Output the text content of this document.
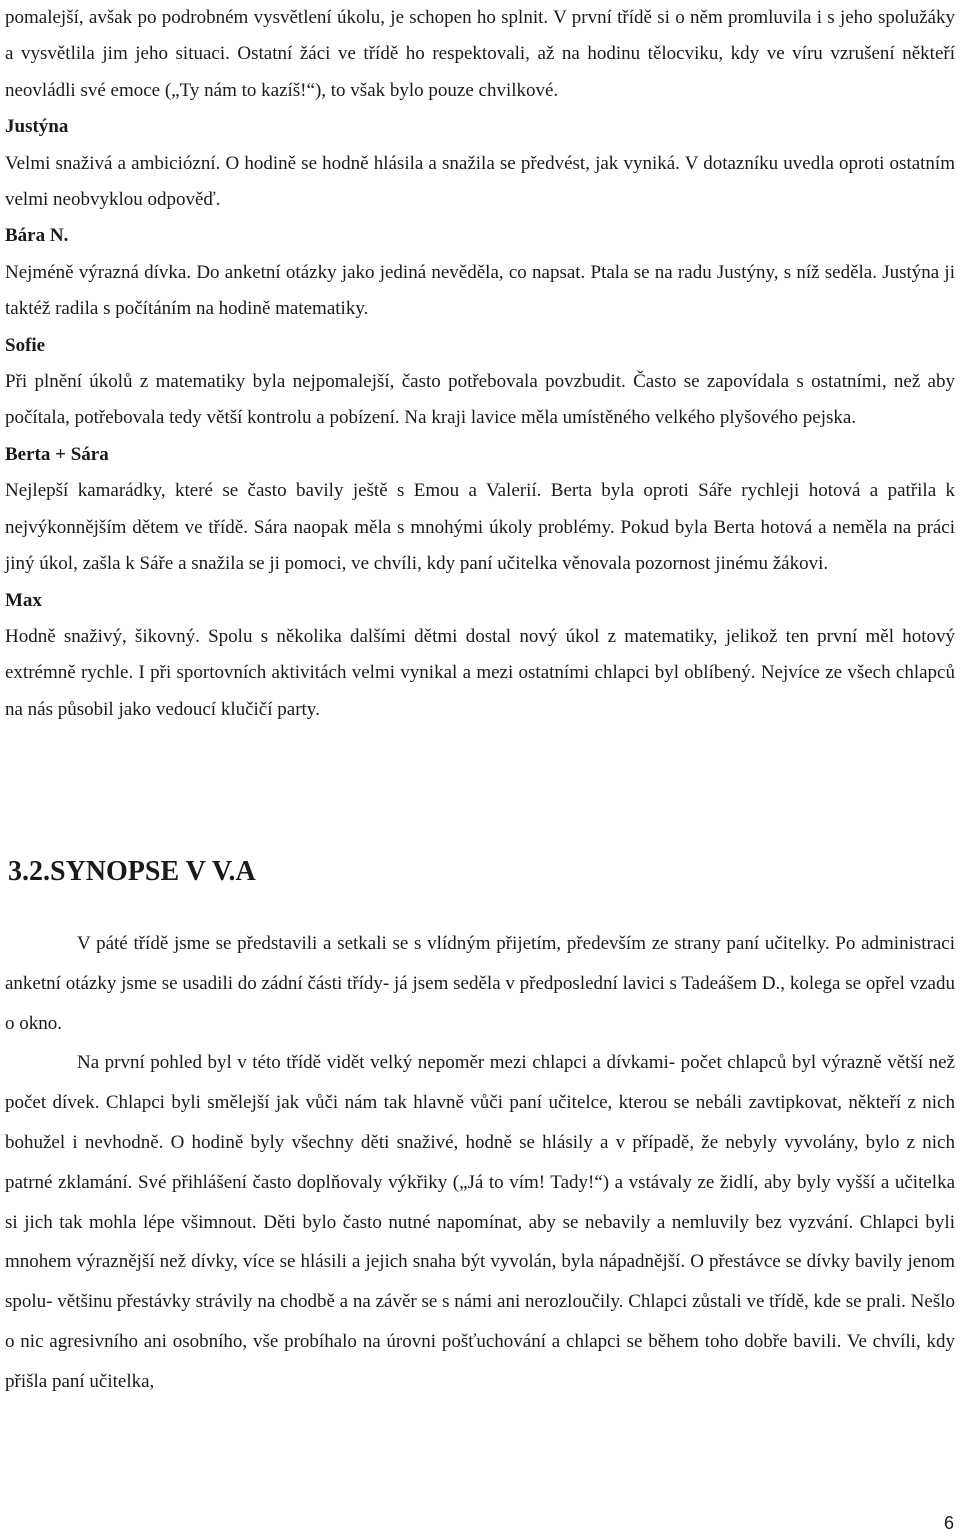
pomalejší, avšak po podrobném vysvětlení úkolu, je schopen ho splnit. V první třídě si o něm promluvila i s jeho spolužáky a vysvětlila jim jeho situaci. Ostatní žáci ve třídě ho respektovali, až na hodinu tělocviku, kdy ve víru vzrušení někteří neovládli své emoce („Ty nám to kazíš!“), to však bylo pouze chvilkové.

Justýna

Velmi snaživá a ambiciózní. O hodině se hodně hlásila a snažila se předvést, jak vyniká. V dotazníku uvedla oproti ostatním velmi neobvyklou odpověď.

Bára N.

Nejméně výrazná dívka. Do anketní otázky jako jediná nevěděla, co napsat. Ptala se na radu Justýny, s níž seděla. Justýna ji taktéž radila s počítáním na hodině matematiky.

Sofie

Při plnění úkolů z matematiky byla nejpomalejší, často potřebovala povzbudit. Často se zapovídala s ostatními, než aby počítala, potřebovala tedy větší kontrolu a pobízení. Na kraji lavice měla umístěného velkého plyšového pejska.

Berta + Sára

Nejlepší kamarádky, které se často bavily ještě s Emou a Valerií. Berta byla oproti Sáře rychleji hotová a patřila k nejvýkonnějším dětem ve třídě. Sára naopak měla s mnohými úkoly problémy. Pokud byla Berta hotová a neměla na práci jiný úkol, zašla k Sáře a snažila se ji pomoci, ve chvíli, kdy paní učitelka věnovala pozornost jinému žákovi.

Max

Hodně snaživý, šikovný. Spolu s několika dalšími dětmi dostal nový úkol z matematiky, jelikož ten první měl hotový extrémně rychle. I při sportovních aktivitách velmi vynikal a mezi ostatními chlapci byl oblíbený. Nejvíce ze všech chlapců na nás působil jako vedoucí klučičí party.

3.2.SYNOPSE V V.A

V páté třídě jsme se představili a setkali se s vlídným přijetím, především ze strany paní učitelky. Po administraci anketní otázky jsme se usadili do zádní části třídy- já jsem seděla v předposlední lavici s Tadeášem D., kolega se opřel vzadu o okno.

Na první pohled byl v této třídě vidět velký nepoměr mezi chlapci a dívkami- počet chlapců byl výrazně větší než počet dívek. Chlapci byli smělejší jak vůči nám tak hlavně vůči paní učitelce, kterou se nebáli zavtipkovat, někteří z nich bohužel i nevhodně. O hodině byly všechny děti snaživé, hodně se hlásily a v případě, že nebyly vyvolány, bylo z nich patrné zklamání. Své přihlášení často doplňovaly výkřiky („Já to vím! Tady!“) a vstávaly ze židlí, aby byly vyšší a učitelka si jich tak mohla lépe všimnout. Děti bylo často nutné napomínat, aby se nebavily a nemluvily bez vyzvání. Chlapci byli mnohem výraznější než dívky, více se hlásili a jejich snaha být vyvolán, byla nápadnější. O přestávce se dívky bavily jenom spolu- většinu přestávky strávily na chodbě a na závěr se s námi ani nerozloučily. Chlapci zůstali ve třídě, kde se prali. Nešlo o nic agresivního ani osobního, vše probíhalo na úrovni pošťuchování a chlapci se během toho dobře bavili. Ve chvíli, kdy přišla paní učitelka,

6
